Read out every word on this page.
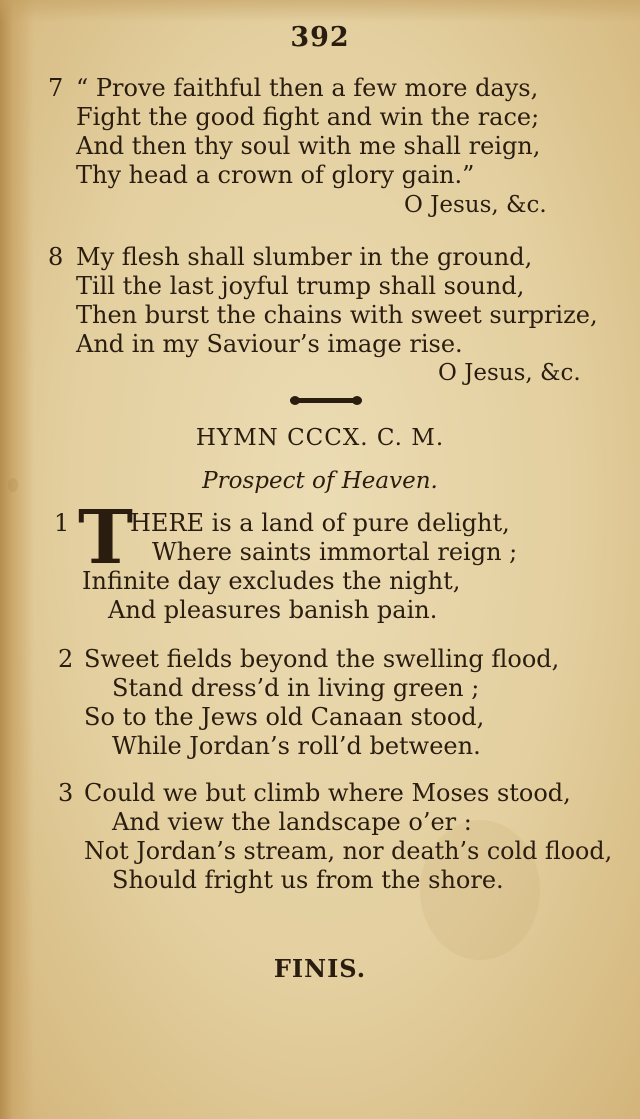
392
7 “ Prove faithful then a few more days,
Fight the good fight and win the race;
And then thy soul with me shall reign,
Thy head a crown of glory gain.”
O Jesus, &c.
8 My flesh shall slumber in the ground,
Till the last joyful trump shall sound,
Then burst the chains with sweet surprize,
And in my Saviour’s image rise.
O Jesus, &c.
HYMN CCCX. C. M.
Prospect of Heaven.
1 T
HERE is a land of pure delight,
Where saints immortal reign ;
Infinite day excludes the night,
And pleasures banish pain.
2 Sweet fields beyond the swelling flood,
Stand dress’d in living green ;
So to the Jews old Canaan stood,
While Jordan’s roll’d between.
3 Could we but climb where Moses stood,
And view the landscape o’er :
Not Jordan’s stream, nor death’s cold flood,
Should fright us from the shore.
FINIS.
